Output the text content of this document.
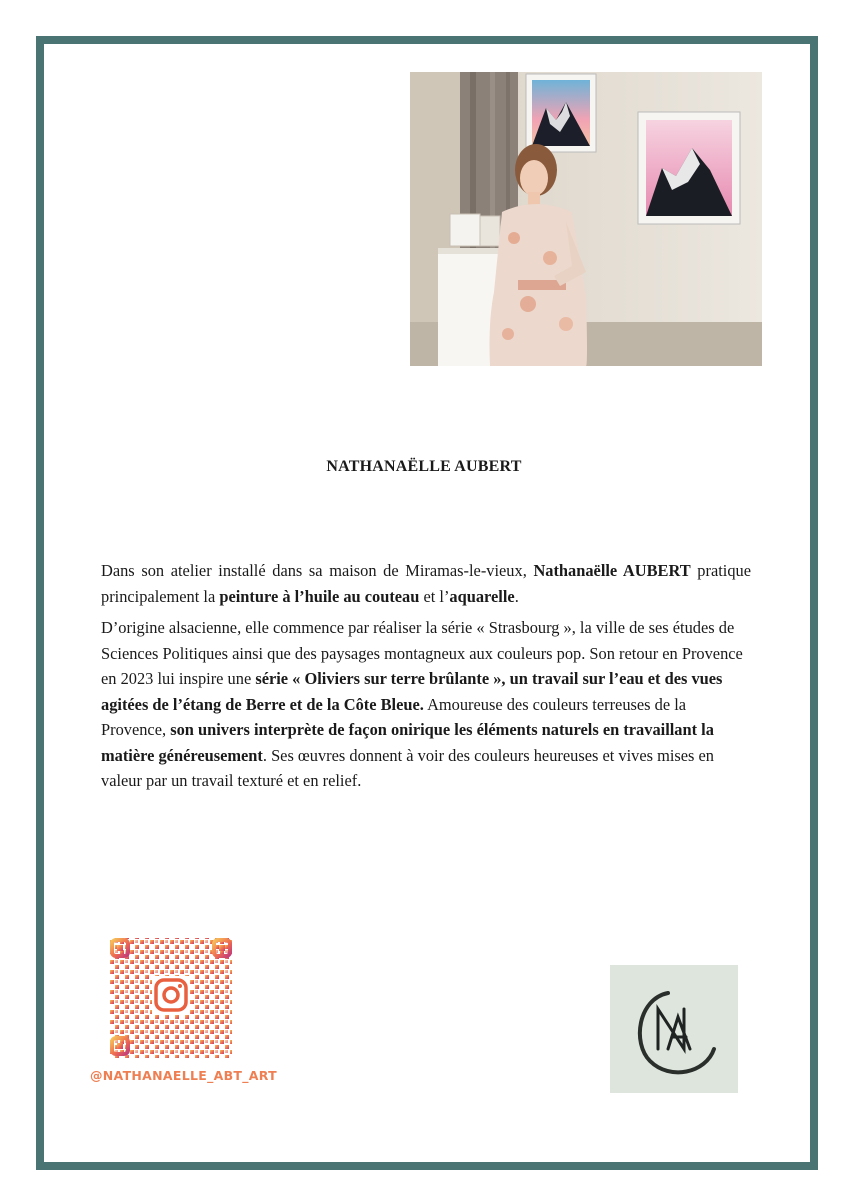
NATHANAËLLE AUBERT

Dans son atelier installé dans sa maison de Miramas-le-vieux, Nathanaëlle AUBERT pratique principalement la peinture à l’huile au couteau et l’aquarelle.

D’origine alsacienne, elle commence par réaliser la série « Strasbourg », la ville de ses études de Sciences Politiques ainsi que des paysages montagneux aux couleurs pop. Son retour en Provence en 2023 lui inspire une série « Oliviers sur terre brûlante », un travail sur l’eau et des vues agitées de l’étang de Berre et de la Côte Bleue. Amoureuse des couleurs terreuses de la Provence, son univers interprète de façon onirique les éléments naturels en travaillant la matière généreusement. Ses œuvres donnent à voir des couleurs heureuses et vives mises en valeur par un travail texturé et en relief.

@NATHANAELLE_ABT_ART
